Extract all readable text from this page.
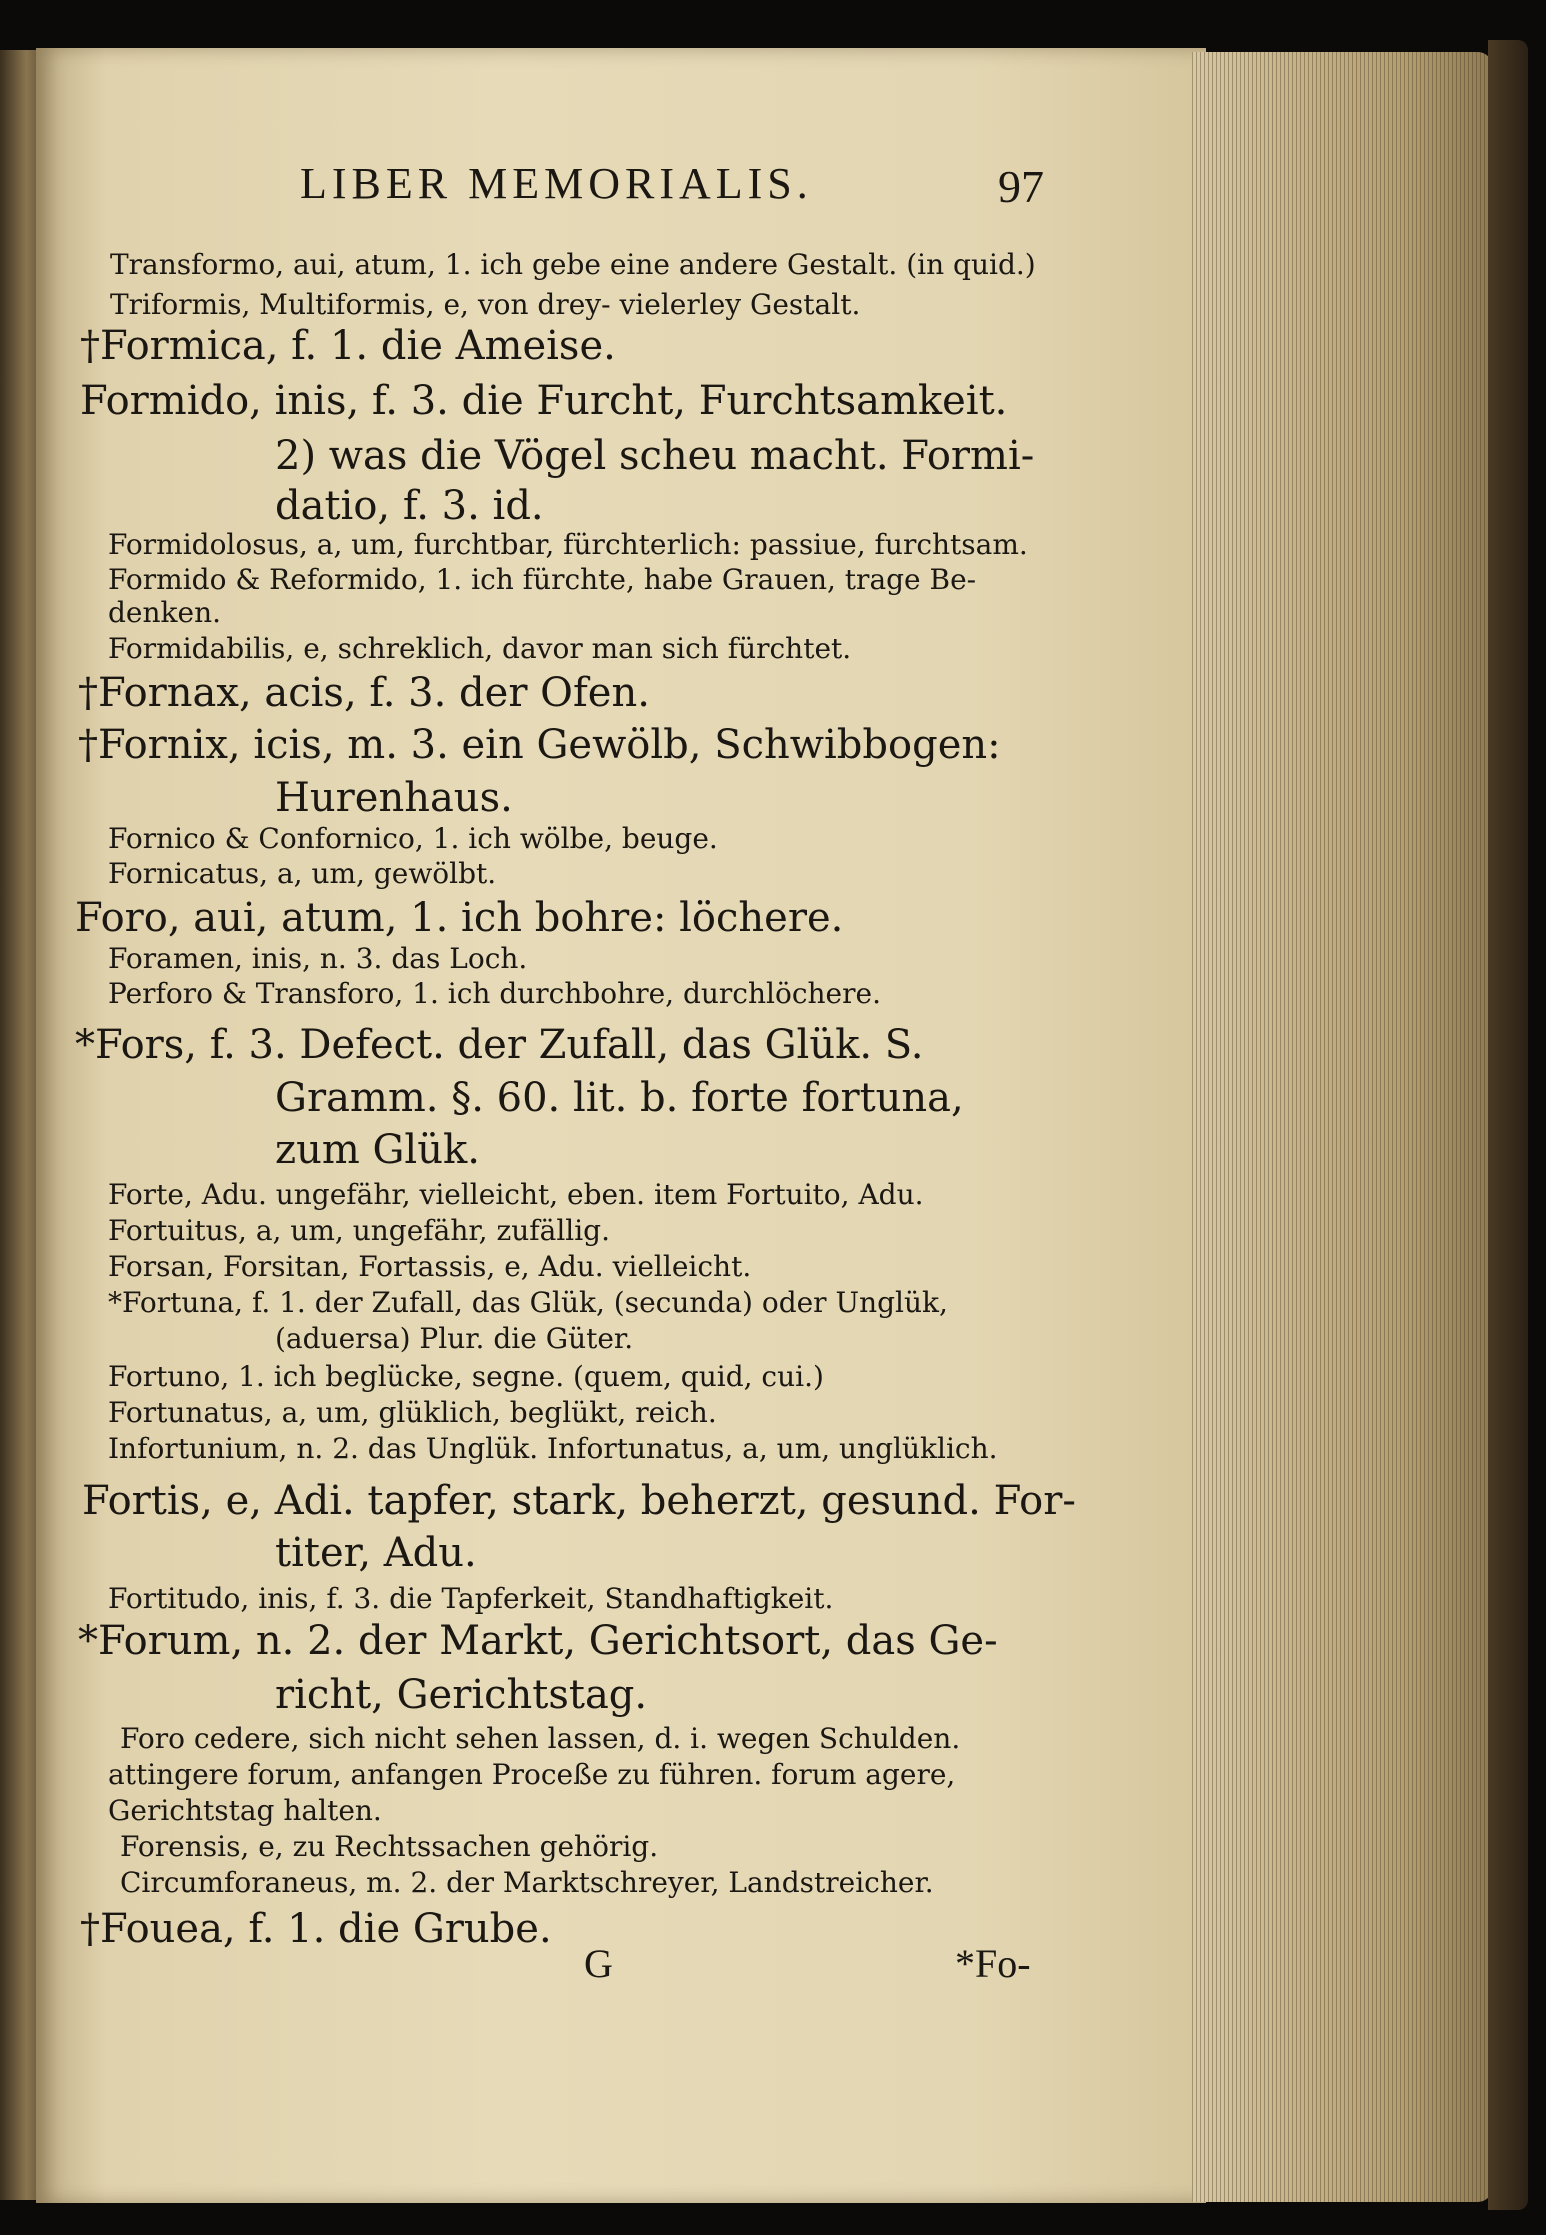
LIBER MEMORIALIS.	97
Transformo, aui, atum, 1. ich gebe eine andere Gestalt. (in quid.)
Triformis, Multiformis, e, von drey- vielerley Gestalt.
†Formica, f. 1. die Ameise.
Formido, inis, f. 3. die Furcht, Furchtsamkeit.
2) was die Vögel scheu macht. Formi-
datio, f. 3. id.
Formidolosus, a, um, furchtbar, fürchterlich: passiue, furchtsam.
Formido & Reformido, 1. ich fürchte, habe Grauen, trage Be-
denken.
Formidabilis, e, schreklich, davor man sich fürchtet.
†Fornax, acis, f. 3. der Ofen.
†Fornix, icis, m. 3. ein Gewölb, Schwibbogen:
Hurenhaus.
Fornico & Confornico, 1. ich wölbe, beuge.
Fornicatus, a, um, gewölbt.
Foro, aui, atum, 1. ich bohre: löchere.
Foramen, inis, n. 3. das Loch.
Perforo & Transforo, 1. ich durchbohre, durchlöchere.
*Fors, f. 3. Defect. der Zufall, das Glük. S.
Gramm. §. 60. lit. b. forte fortuna,
zum Glük.
Forte, Adu. ungefähr, vielleicht, eben. item Fortuito, Adu.
Fortuitus, a, um, ungefähr, zufällig.
Forsan, Forsitan, Fortassis, e, Adu. vielleicht.
*Fortuna, f. 1. der Zufall, das Glük, (secunda) oder Unglük,
(aduersa) Plur. die Güter.
Fortuno, 1. ich beglücke, segne. (quem, quid, cui.)
Fortunatus, a, um, glüklich, beglükt, reich.
Infortunium, n. 2. das Unglük. Infortunatus, a, um, unglüklich.
Fortis, e, Adi. tapfer, stark, beherzt, gesund. For-
titer, Adu.
Fortitudo, inis, f. 3. die Tapferkeit, Standhaftigkeit.
*Forum, n. 2. der Markt, Gerichtsort, das Ge-
richt, Gerichtstag.
Foro cedere, sich nicht sehen lassen, d. i. wegen Schulden.
attingere forum, anfangen Proceße zu führen. forum agere,
Gerichtstag halten.
Forensis, e, zu Rechtssachen gehörig.
Circumforaneus, m. 2. der Marktschreyer, Landstreicher.
†Fouea, f. 1. die Grube.
G	*Fo-
